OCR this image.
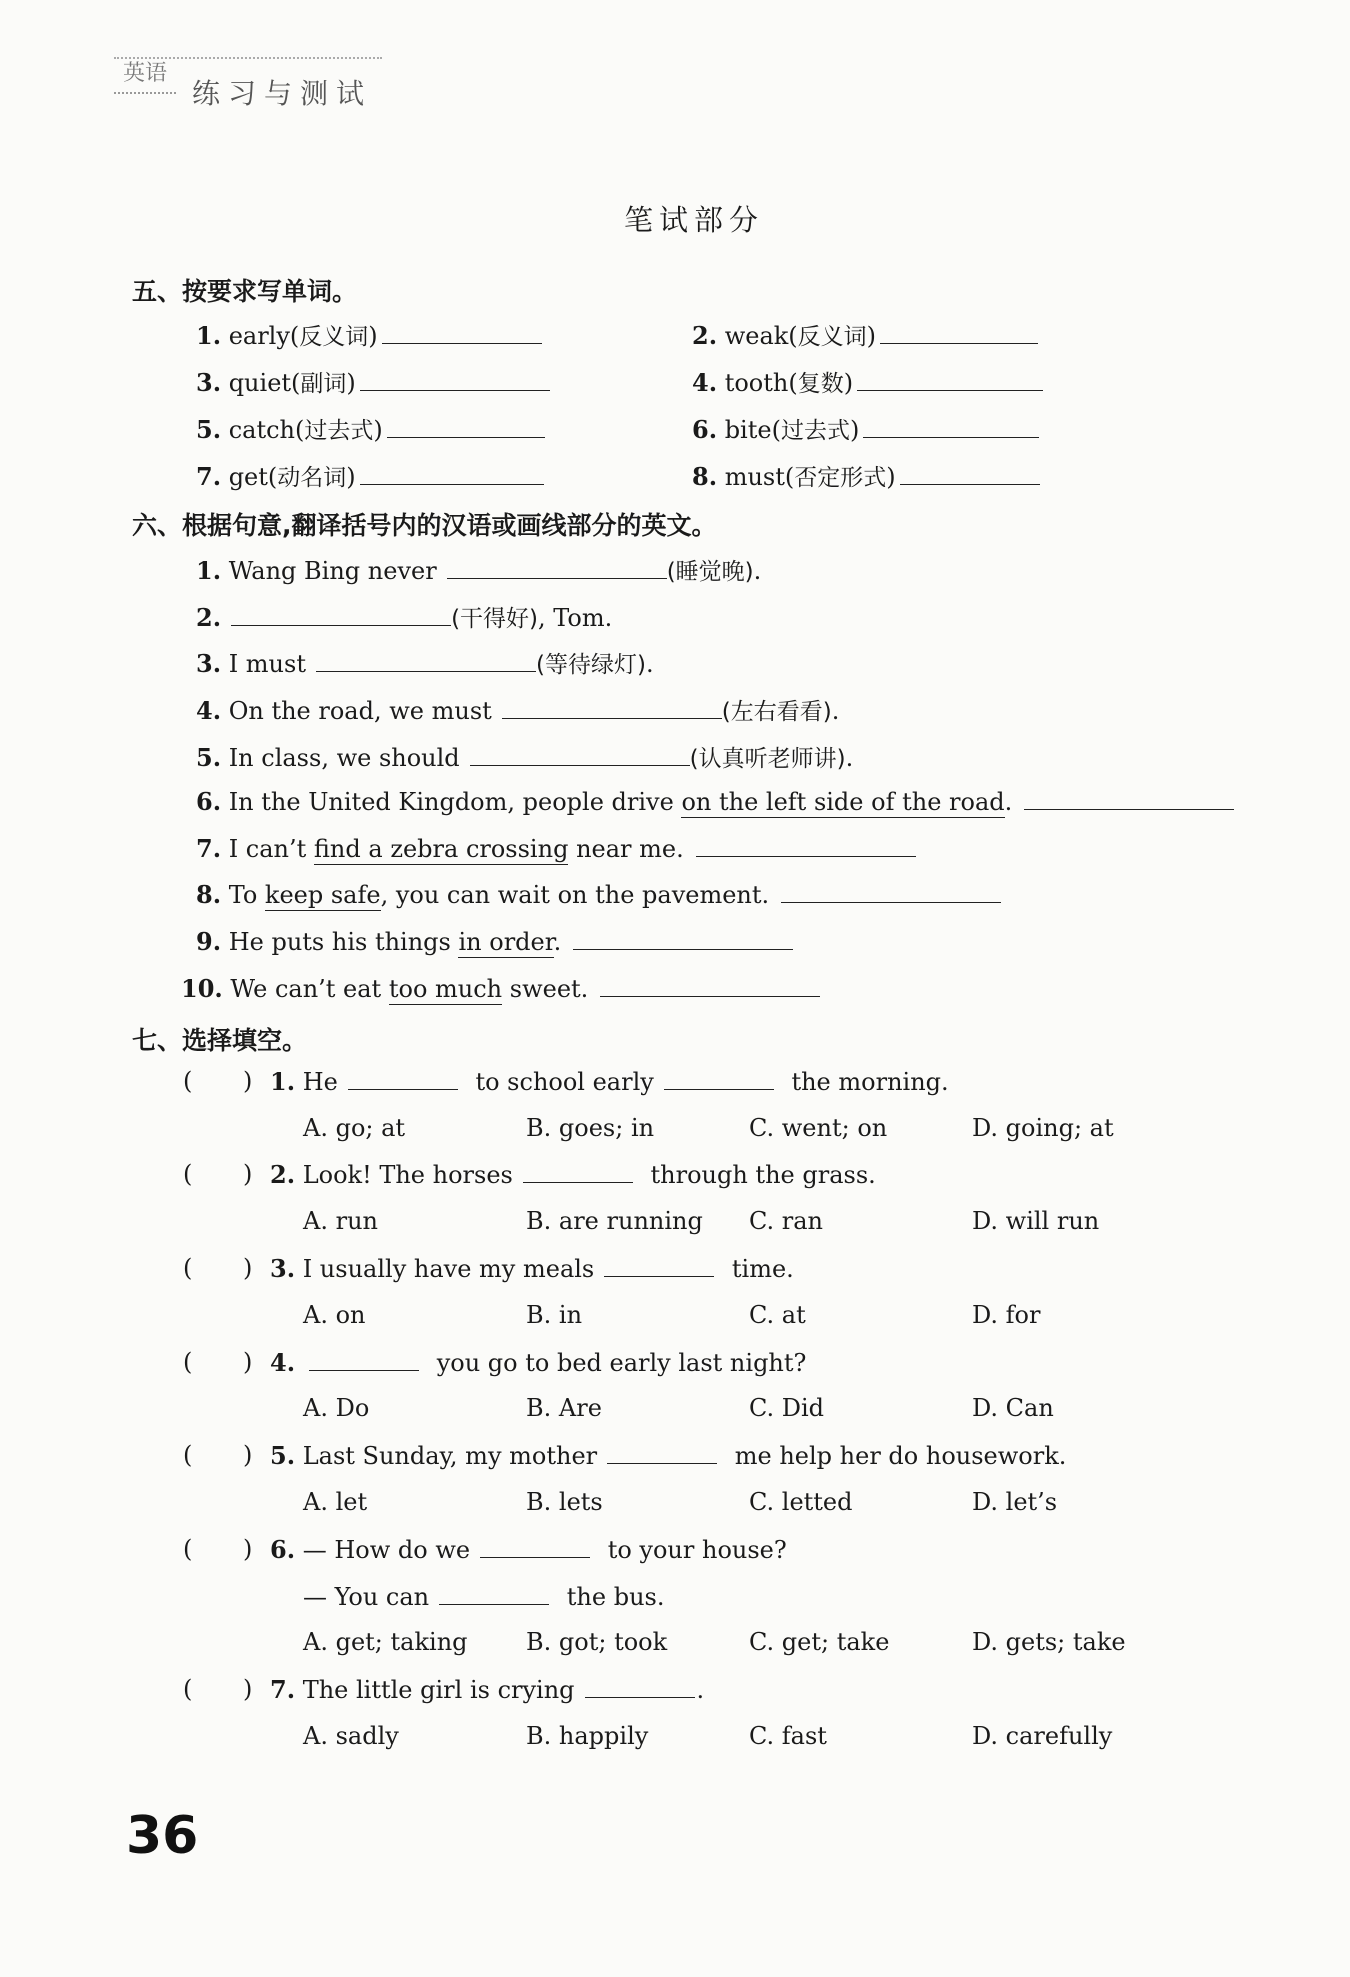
英语
练习与测试
笔试部分
五、按要求写单词。
1. early(反义词)	2. weak(反义词)
3. quiet(副词)	4. tooth(复数)
5. catch(过去式)	6. bite(过去式)
7. get(动名词)	8. must(否定形式)
六、根据句意,翻译括号内的汉语或画线部分的英文。
1. Wang Bing never	(睡觉晚).
2.	(干得好), Tom.
3. I must	(等待绿灯).
4. On the road, we must	(左右看看).
5. In class, we should	(认真听老师讲).
6. In the United Kingdom, people drive on the left side of the road.
7. I can’t find a zebra crossing near me.
8. To keep safe, you can wait on the pavement.
9. He puts his things in order.
10. We can’t eat too much sweet.
七、选择填空。
( ) 1. He	to school early	the morning.
A. go; at	B. goes; in	C. went; on	D. going; at
( ) 2. Look! The horses	through the grass.
A. run	B. are running C. ran	D. will run
( ) 3. I usually have my meals	time.
A. on	B. in	C. at	D. for
( ) 4.	you go to bed early last night?
A. Do	B. Are	C. Did	D. Can
( ) 5. Last Sunday, my mother	me help her do housework.
A. let	B. lets	C. letted	D. let’s
( ) 6. — How do we	to your house?
— You can	the bus.
A. get; taking B. got; took	C. get; take	D. gets; take
( ) 7. The little girl is crying	.
A. sadly	B. happily	C. fast	D. carefully
36
